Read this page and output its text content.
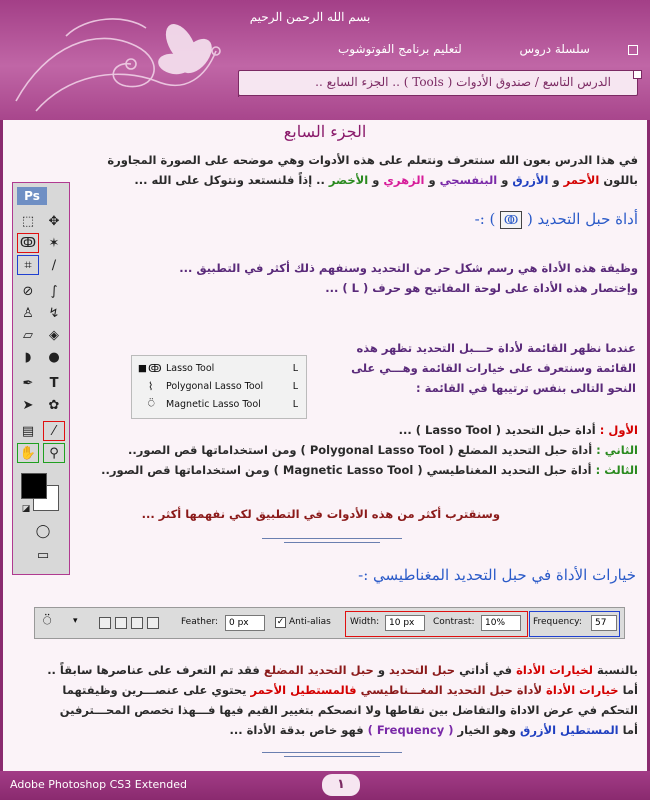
بسم الله الرحمن الرحيم
سلسلة دروس
لتعليم برنامج الفوتوشوب
الدرس التاسع / صندوق الأدوات ( Tools ) .. الجزء السابع ..
الجزء السابع
في هذا الدرس بعون الله سنتعرف ونتعلم على هذه الأدوات وهي موضحه على الصورة المجاورة
باللون الأحمر و الأزرق و البنفسجي و الزهري و الأخضر .. إذاً فلنستعد ونتوكل على الله ...
Ps
⬚	✥
ↂ ✶
⌗	∕
⊘	∫
♙	↯
▱	◈
◗	●
✒	T
➤	✿
▤	⁄
✋	⚲
◪
◯
▭
أداة حبل التحديد ( ↂ ) :-
وظيفة هذه الأداة هي رسم شكل حر من التحديد وسنفهم ذلك أكثر في التطبيق ...
وإختصار هذه الأداة على لوحة المفاتيح هو حرف ( L ) ...
عندما نظهر القائمة لأداة حـــبل التحديد تظهر هذه
القائمة وسنتعرف على خيارات القائمة وهـــي على
النحو التالى بنفس ترتيبها في القائمة :
■ ↂ Lasso Tool	L
⌇	Polygonal Lasso Tool	L
⍥	Magnetic Lasso Tool	L
الأول : أداة حبل التحديد ( Lasso Tool ) ...
الثاني : أداة حبل التحديد المضلع ( Polygonal Lasso Tool ) ومن استخداماتها قص الصور..
الثالث : أداة حبل التحديد المغناطيسي ( Magnetic Lasso Tool ) ومن استخداماتها قص الصور..
وسنقترب أكثر من هذه الأدوات في التطبيق لكي نفهمها أكثر ...
خيارات الأداة في حبل التحديد المغناطيسي :-
⍥ ▾	Feather:
0 px	✓ Anti-alias Width:
10 px	Contrast:
10%	Frequency:
57
بالنسبة لخيارات الأداة في أداتي حبل التحديد و حبل التحديد المضلع فقد تم التعرف على عناصرها سابقاً ..
أما خيارات الأداة لأداة حبل التحديد المغـــناطيسي فالمستطيل الأحمر يحتوي على عنصـــرين وظيفتهما
التحكم في عرض الاداة والتفاضل بين نقاطها ولا انصحكم بتغيير القيم فيها فـــهذا تخصص المحـــترفين
أما المستطيل الأزرق وهو الخيار ( Frequency ) فهو خاص بدقة الأداة ...
Adobe Photoshop CS3 Extended	١
